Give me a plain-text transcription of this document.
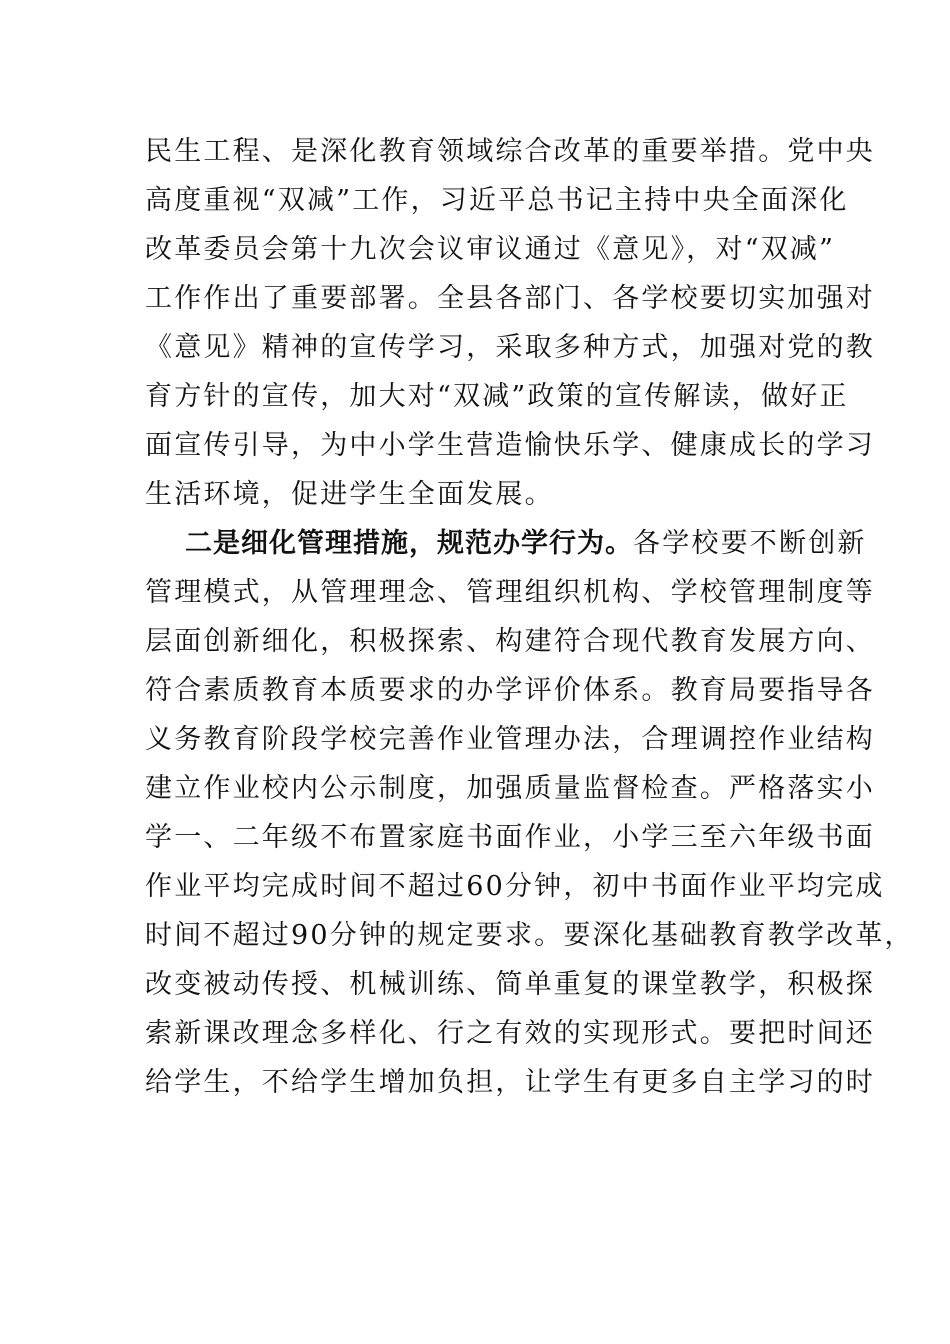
民生工程、是深化教育领域综合改革的重要举措。党中央
高度重视“双减”工作，习近平总书记主持中央全面深化
改革委员会第十九次会议审议通过《意见》，对“双减”
工作作出了重要部署。全县各部门、各学校要切实加强对
《意见》精神的宣传学习，采取多种方式，加强对党的教
育方针的宣传，加大对“双减”政策的宣传解读，做好正
面宣传引导，为中小学生营造愉快乐学、健康成长的学习
生活环境，促进学生全面发展。
二是细化管理措施，规范办学行为。各学校要不断创新
管理模式，从管理理念、管理组织机构、学校管理制度等
层面创新细化，积极探索、构建符合现代教育发展方向、
符合素质教育本质要求的办学评价体系。教育局要指导各
义务教育阶段学校完善作业管理办法，合理调控作业结构
建立作业校内公示制度，加强质量监督检查。严格落实小
学一、二年级不布置家庭书面作业，小学三至六年级书面
作业平均完成时间不超过60分钟，初中书面作业平均完成
时间不超过90分钟的规定要求。要深化基础教育教学改革，
改变被动传授、机械训练、简单重复的课堂教学，积极探
索新课改理念多样化、行之有效的实现形式。要把时间还
给学生，不给学生增加负担，让学生有更多自主学习的时
